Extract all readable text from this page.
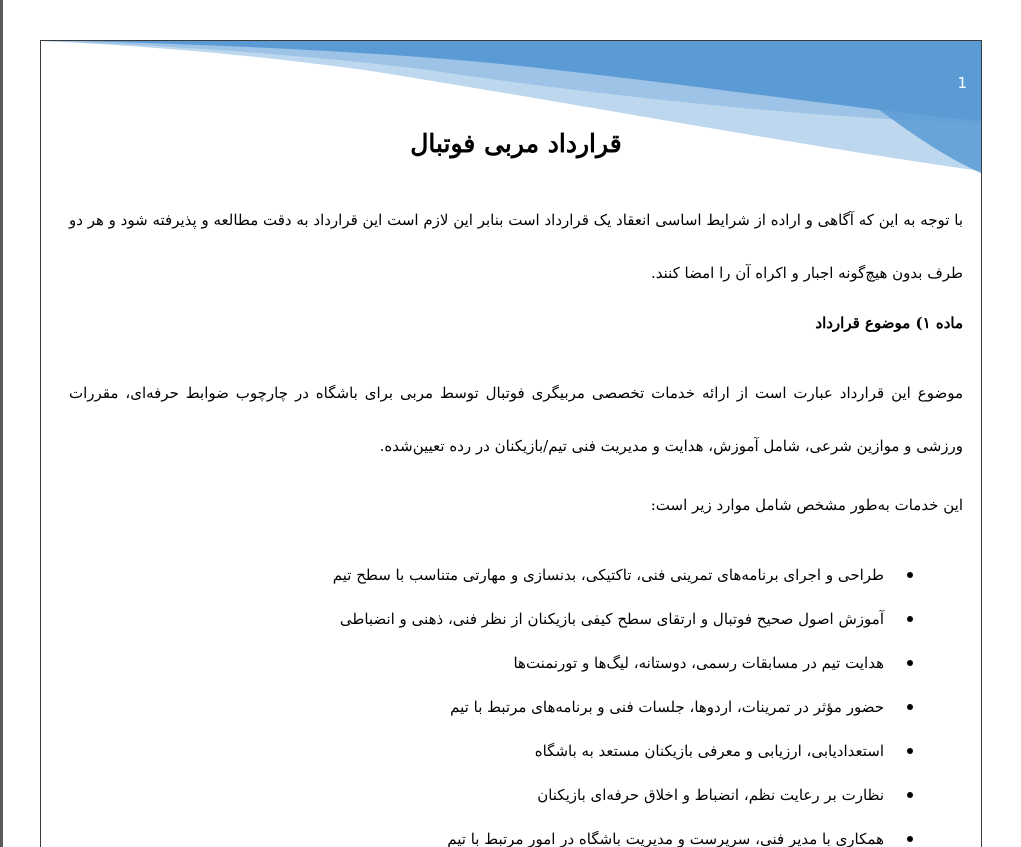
1
قرارداد مربی فوتبال

با توجه به این که آگاهی و اراده از شرایط اساسی انعقاد یک قرارداد است بنابر این لازم است این قرارداد به دقت مطالعه و پذیرفته شود و هر دو طرف بدون هیچ‌گونه اجبار و اکراه آن را امضا کنند.

ماده ۱) موضوع قرارداد

موضوع این قرارداد عبارت است از ارائه خدمات تخصصی مربیگری فوتبال توسط مربی برای باشگاه در چارچوب ضوابط حرفه‌ای، مقررات ورزشی و موازین شرعی، شامل آموزش، هدایت و مدیریت فنی تیم/بازیکنان در رده تعیین‌شده.

این خدمات به‌طور مشخص شامل موارد زیر است:

طراحی و اجرای برنامه‌های تمرینی فنی، تاکتیکی، بدنسازی و مهارتی متناسب با سطح تیم
آموزش اصول صحیح فوتبال و ارتقای سطح کیفی بازیکنان از نظر فنی، ذهنی و انضباطی
هدایت تیم در مسابقات رسمی، دوستانه، لیگ‌ها و تورنمنت‌ها
حضور مؤثر در تمرینات، اردوها، جلسات فنی و برنامه‌های مرتبط با تیم
استعدادیابی، ارزیابی و معرفی بازیکنان مستعد به باشگاه
نظارت بر رعایت نظم، انضباط و اخلاق حرفه‌ای بازیکنان
همکاری با مدیر فنی، سرپرست و مدیریت باشگاه در امور مرتبط با تیم
